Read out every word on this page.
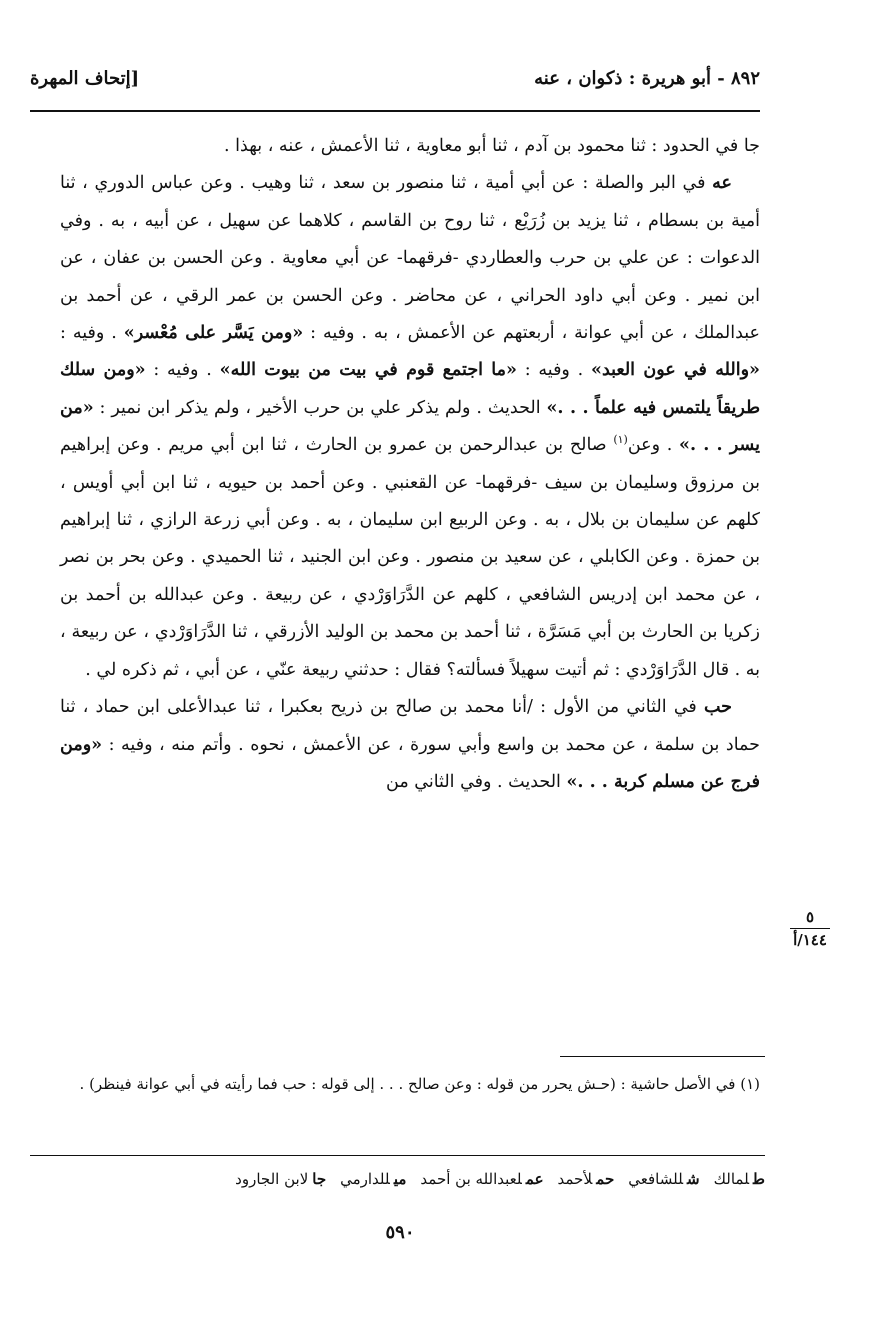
٨٩٢ - أبو هريرة : ذكوان ، عنه
[إتحاف المهرة

جا في الحدود : ثنا محمود بن آدم ، ثنا أبو معاوية ، ثنا الأعمش ، عنه ، بهذا .

عه في البر والصلة : عن أبي أمية ، ثنا منصور بن سعد ، ثنا وهيب . وعن عباس الدوري ، ثنا أمية بن بسطام ، ثنا يزيد بن زُرَيْع ، ثنا روح بن القاسم ، كلاهما عن سهيل ، عن أبيه ، به . وفي الدعوات : عن علي بن حرب والعطاردي -فرقهما- عن أبي معاوية . وعن الحسن بن عفان ، عن ابن نمير . وعن أبي داود الحراني ، عن محاضر . وعن الحسن بن عمر الرقي ، عن أحمد بن عبدالملك ، عن أبي عوانة ، أربعتهم عن الأعمش ، به . وفيه : «ومن يَسَّر على مُعْسر» . وفيه : «والله في عون العبد» . وفيه : «ما اجتمع قوم في بيت من بيوت الله» . وفيه : «ومن سلك طريقاً يلتمس فيه علماً . . .» الحديث . ولم يذكر علي بن حرب الأخير ، ولم يذكر ابن نمير : «من يسر . . .» . وعن$^{(١)}$ صالح بن عبدالرحمن بن عمرو بن الحارث ، ثنا ابن أبي مريم . وعن إبراهيم بن مرزوق وسليمان بن سيف -فرقهما- عن القعنبي . وعن أحمد بن حيويه ، ثنا ابن أبي أويس ، كلهم عن سليمان بن بلال ، به . وعن الربيع ابن سليمان ، به . وعن أبي زرعة الرازي ، ثنا إبراهيم بن حمزة . وعن الكابلي ، عن سعيد بن منصور . وعن ابن الجنيد ، ثنا الحميدي . وعن بحر بن نصر ، عن محمد ابن إدريس الشافعي ، كلهم عن الدَّرَاوَرْدي ، عن ربيعة . وعن عبدالله بن أحمد بن زكريا بن الحارث بن أبي مَسَرَّة ، ثنا أحمد بن محمد بن الوليد الأزرقي ، ثنا الدَّرَاوَرْدي ، عن ربيعة ، به . قال الدَّرَاوَرْدي : ثم أتيت سهيلاً فسألته؟ فقال : حدثني ربيعة عنّي ، عن أبي ، ثم ذكره لي .

حب في الثاني من الأول : /أنا محمد بن صالح بن ذريح بعكبرا ، ثنا عبدالأعلى ابن حماد ، ثنا حماد بن سلمة ، عن محمد بن واسع وأبي سورة ، عن الأعمش ، نحوه . وأتم منه ، وفيه : «ومن فرج عن مسلم كربة . . .» الحديث . وفي الثاني من

٥
١٤٤/أ
(١) في الأصل حاشية : (حـش يحرر من قوله : وعن صالح . . . إلى قوله : حب فما رأيته في أبي عوانة فينظر) .
طلمالك
شللشافعي
حملأحمد
عملعبدالله بن أحمد
ميللدارمي
جالابن الجارود
٥٩٠
